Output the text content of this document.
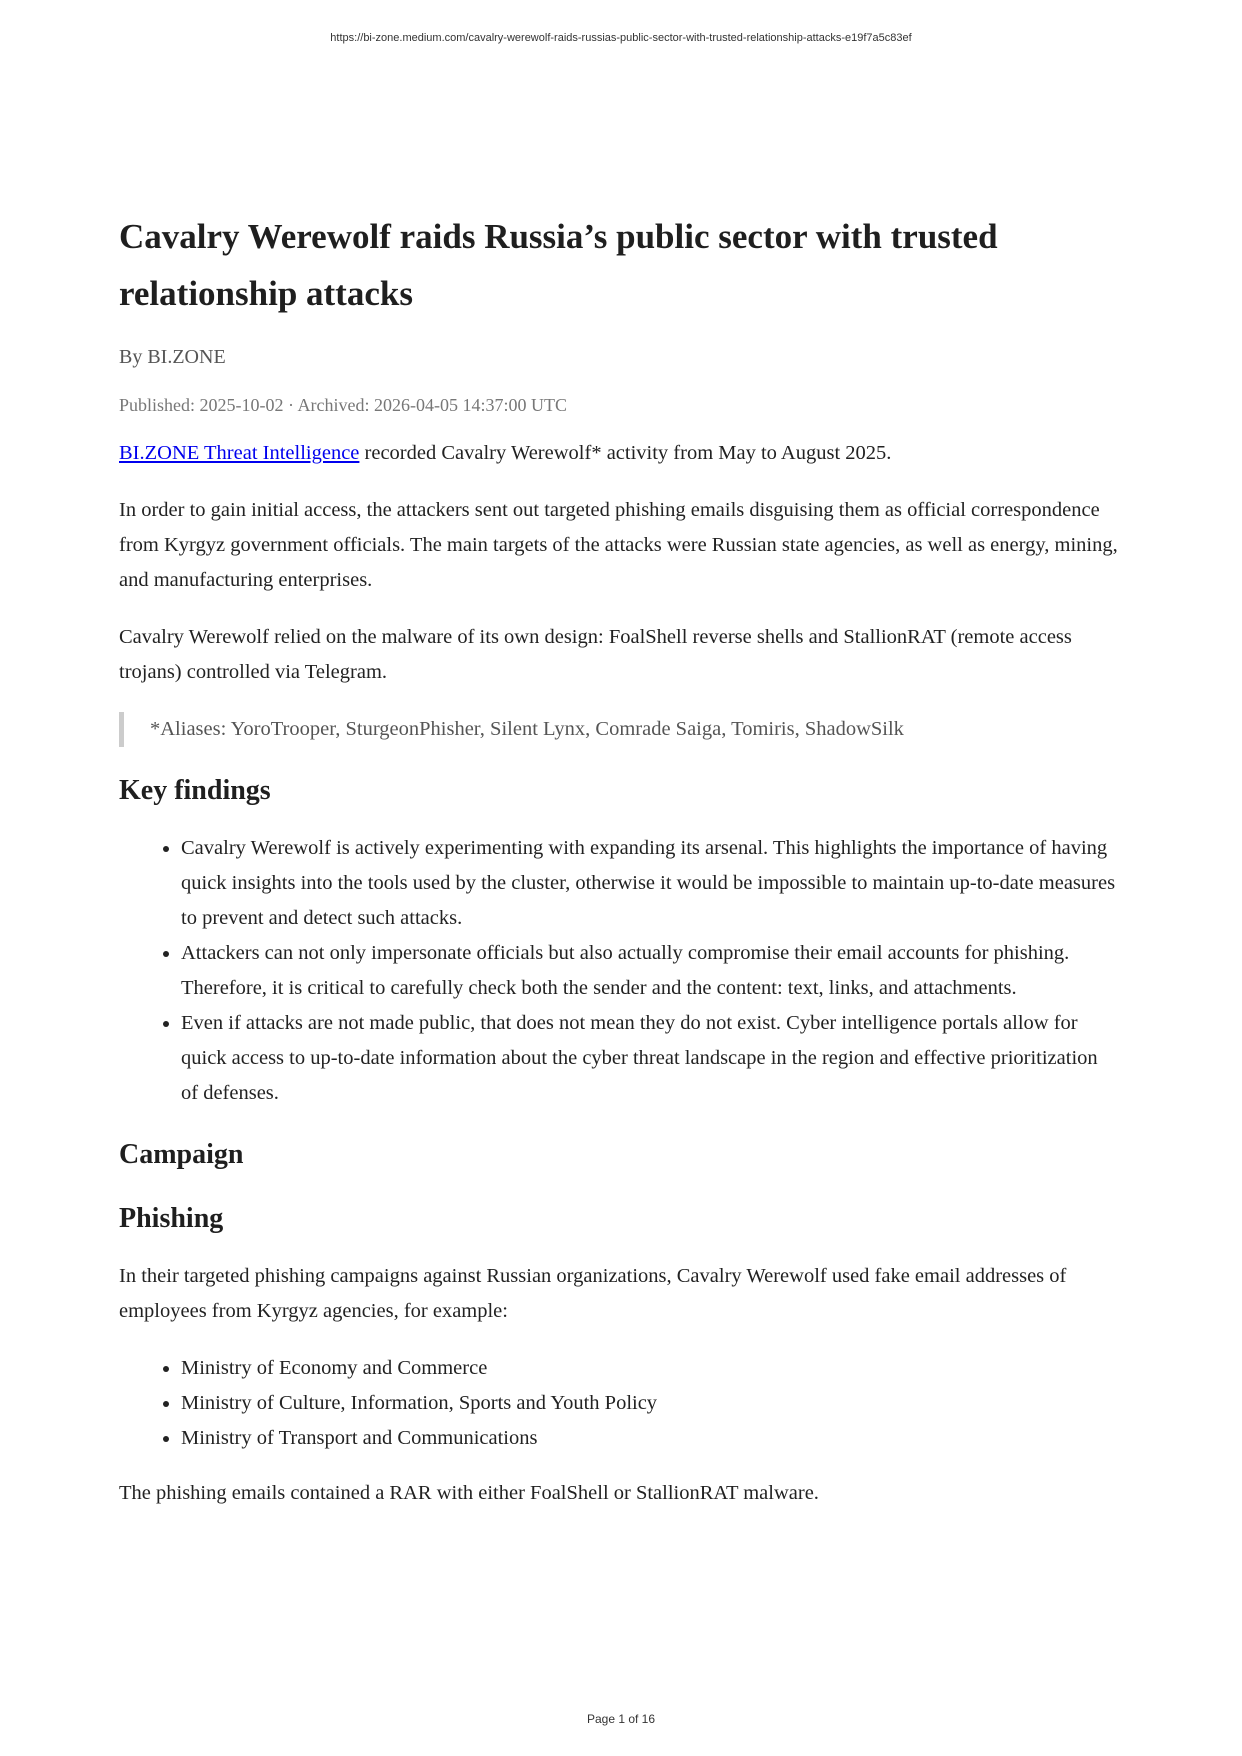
https://bi-zone.medium.com/cavalry-werewolf-raids-russias-public-sector-with-trusted-relationship-attacks-e19f7a5c83ef
Cavalry Werewolf raids Russia’s public sector with trusted relationship attacks
By BI.ZONE
Published: 2025-10-02 · Archived: 2026-04-05 14:37:00 UTC

BI.ZONE Threat Intelligence recorded Cavalry Werewolf* activity from May to August 2025.

In order to gain initial access, the attackers sent out targeted phishing emails disguising them as official correspondence from Kyrgyz government officials. The main targets of the attacks were Russian state agencies, as well as energy, mining, and manufacturing enterprises.

Cavalry Werewolf relied on the malware of its own design: FoalShell reverse shells and StallionRAT (remote access trojans) controlled via Telegram.

*Aliases: YoroTrooper, SturgeonPhisher, Silent Lynx, Comrade Saiga, Tomiris, ShadowSilk
Key findings
• Cavalry Werewolf is actively experimenting with expanding its arsenal. This highlights the importance of having quick insights into the tools used by the cluster, otherwise it would be impossible to maintain up-to-date measures to prevent and detect such attacks.
• Attackers can not only impersonate officials but also actually compromise their email accounts for phishing. Therefore, it is critical to carefully check both the sender and the content: text, links, and attachments.
• Even if attacks are not made public, that does not mean they do not exist. Cyber intelligence portals allow for quick access to up-to-date information about the cyber threat landscape in the region and effective prioritization of defenses.
Campaign
Phishing

In their targeted phishing campaigns against Russian organizations, Cavalry Werewolf used fake email addresses of employees from Kyrgyz agencies, for example:

• Ministry of Economy and Commerce
• Ministry of Culture, Information, Sports and Youth Policy
• Ministry of Transport and Communications

The phishing emails contained a RAR with either FoalShell or StallionRAT malware.

Page 1 of 16
